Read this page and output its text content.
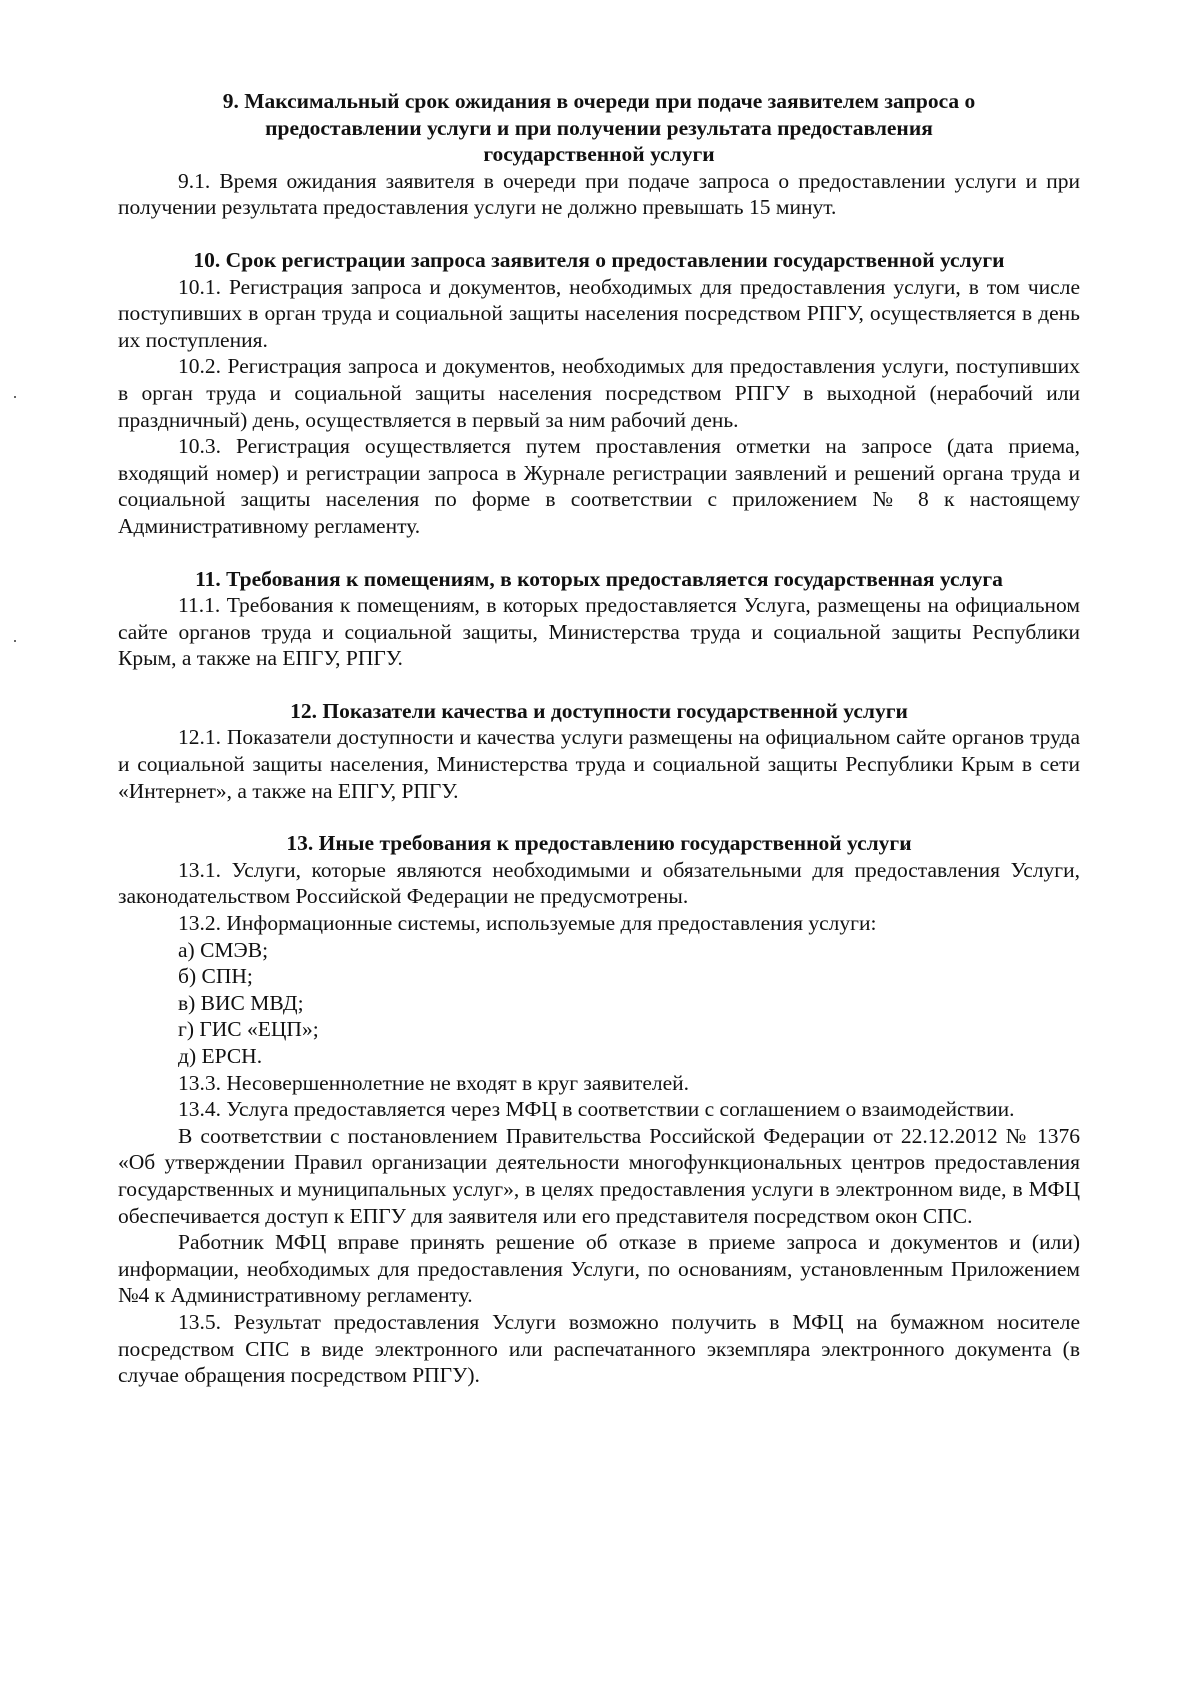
9. Максимальный срок ожидания в очереди при подаче заявителем запроса о предоставлении услуги и при получении результата предоставления государственной услуги

9.1. Время ожидания заявителя в очереди при подаче запроса о предоставлении услуги и при получении результата предоставления услуги не должно превышать 15 минут.

10. Срок регистрации запроса заявителя о предоставлении государственной услуги

10.1. Регистрация запроса и документов, необходимых для предоставления услуги, в том числе поступивших в орган труда и социальной защиты населения посредством РПГУ, осуществляется в день их поступления.

10.2. Регистрация запроса и документов, необходимых для предоставления услуги, поступивших в орган труда и социальной защиты населения посредством РПГУ в выходной (нерабочий или праздничный) день, осуществляется в первый за ним рабочий день.

10.3. Регистрация осуществляется путем проставления отметки на запросе (дата приема, входящий номер) и регистрации запроса в Журнале регистрации заявлений и решений органа труда и социальной защиты населения по форме в соответствии с приложением № 8 к настоящему Административному регламенту.

11. Требования к помещениям, в которых предоставляется государственная услуга

11.1. Требования к помещениям, в которых предоставляется Услуга, размещены на официальном сайте органов труда и социальной защиты, Министерства труда и социальной защиты Республики Крым, а также на ЕПГУ, РПГУ.

12. Показатели качества и доступности государственной услуги

12.1. Показатели доступности и качества услуги размещены на официальном сайте органов труда и социальной защиты населения, Министерства труда и социальной защиты Республики Крым в сети «Интернет», а также на ЕПГУ, РПГУ.

13. Иные требования к предоставлению государственной услуги

13.1. Услуги, которые являются необходимыми и обязательными для предоставления Услуги, законодательством Российской Федерации не предусмотрены.

13.2. Информационные системы, используемые для предоставления услуги:

а) СМЭВ;

б) СПН;

в) ВИС МВД;

г) ГИС «ЕЦП»;

д) ЕРСН.

13.3. Несовершеннолетние не входят в круг заявителей.

13.4. Услуга предоставляется через МФЦ в соответствии с соглашением о взаимодействии.

В соответствии с постановлением Правительства Российской Федерации от 22.12.2012 № 1376 «Об утверждении Правил организации деятельности многофункциональных центров предоставления государственных и муниципальных услуг», в целях предоставления услуги в электронном виде, в МФЦ обеспечивается доступ к ЕПГУ для заявителя или его представителя посредством окон СПС.

Работник МФЦ вправе принять решение об отказе в приеме запроса и документов и (или) информации, необходимых для предоставления Услуги, по основаниям, установленным Приложением №4 к Административному регламенту.

13.5. Результат предоставления Услуги возможно получить в МФЦ на бумажном носителе посредством СПС в виде электронного или распечатанного экземпляра электронного документа (в случае обращения посредством РПГУ).
